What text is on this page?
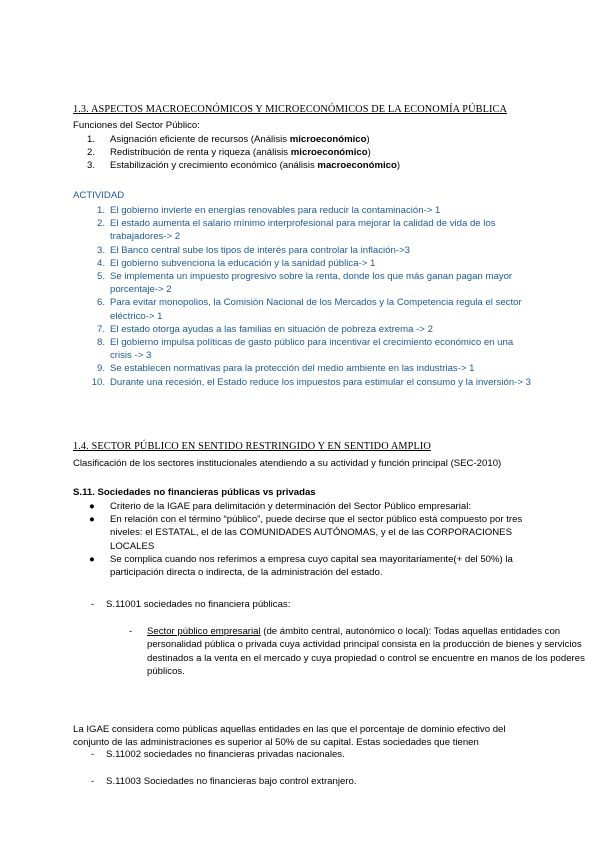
1.3. ASPECTOS MACROECONÓMICOS Y MICROECONÓMICOS DE LA ECONOMÍA PÚBLICA
Funciones del Sector Público:
1. Asignación eficiente de recursos (Análisis microeconómico)
2. Redistribución de renta y riqueza (análisis microeconómico)
3. Estabilización y crecimiento económico (análisis macroeconómico)
ACTIVIDAD
1. El gobierno invierte en energías renovables para reducir la contaminación-> 1
2. El estado aumenta el salario mínimo interprofesional para mejorar la calidad de vida de los trabajadores-> 2
3. El Banco central sube los tipos de interés para controlar la inflación->3
4. El gobierno subvenciona la educación y la sanidad pública-> 1
5. Se implementa un impuesto progresivo sobre la renta, donde los que más ganan pagan mayor porcentaje-> 2
6. Para evitar monopolios, la Comisión Nacional de los Mercados y la Competencia regula el sector eléctrico-> 1
7. El estado otorga ayudas a las familias en situación de pobreza extrema -> 2
8. El gobierno impulsa políticas de gasto público para incentivar el crecimiento económico en una crisis -> 3
9. Se establecen normativas para la protección del medio ambiente en las industrias-> 1
10. Durante una recesión, el Estado reduce los impuestos para estimular el consumo y la inversión-> 3
1.4. SECTOR PÚBLICO EN SENTIDO RESTRINGIDO Y EN SENTIDO AMPLIO
Clasificación de los sectores institucionales atendiendo a su actividad y función principal (SEC-2010)
S.11. Sociedades no financieras públicas vs privadas
● Criterio de la IGAE para delimitación y determinación del Sector Público empresarial:
● En relación con el término “público”, puede decirse que el sector público está compuesto por tres niveles: el ESTATAL, el de las COMUNIDADES AUTÓNOMAS, y el de las CORPORACIONES LOCALES
● Se complica cuando nos referimos a empresa cuyo capital sea mayoritariamente(+ del 50%) la participación directa o indirecta, de la administración del estado.
- S.11001 sociedades no financiera públicas:
-	Sector público empresarial (de ámbito central, autonómico o local): Todas aquellas entidades con personalidad pública o privada cuya actividad principal consista en la producción de bienes y servicios destinados a la venta en el mercado y cuya propiedad o control se encuentre en manos de los poderes públicos.
- S.11002 sociedades no financieras privadas nacionales.
- S.11003 Sociedades no financieras bajo control extranjero.
La IGAE considera como públicas aquellas entidades en las que el porcentaje de dominio efectivo del conjunto de las administraciones es superior al 50% de su capital. Estas sociedades que tienen
